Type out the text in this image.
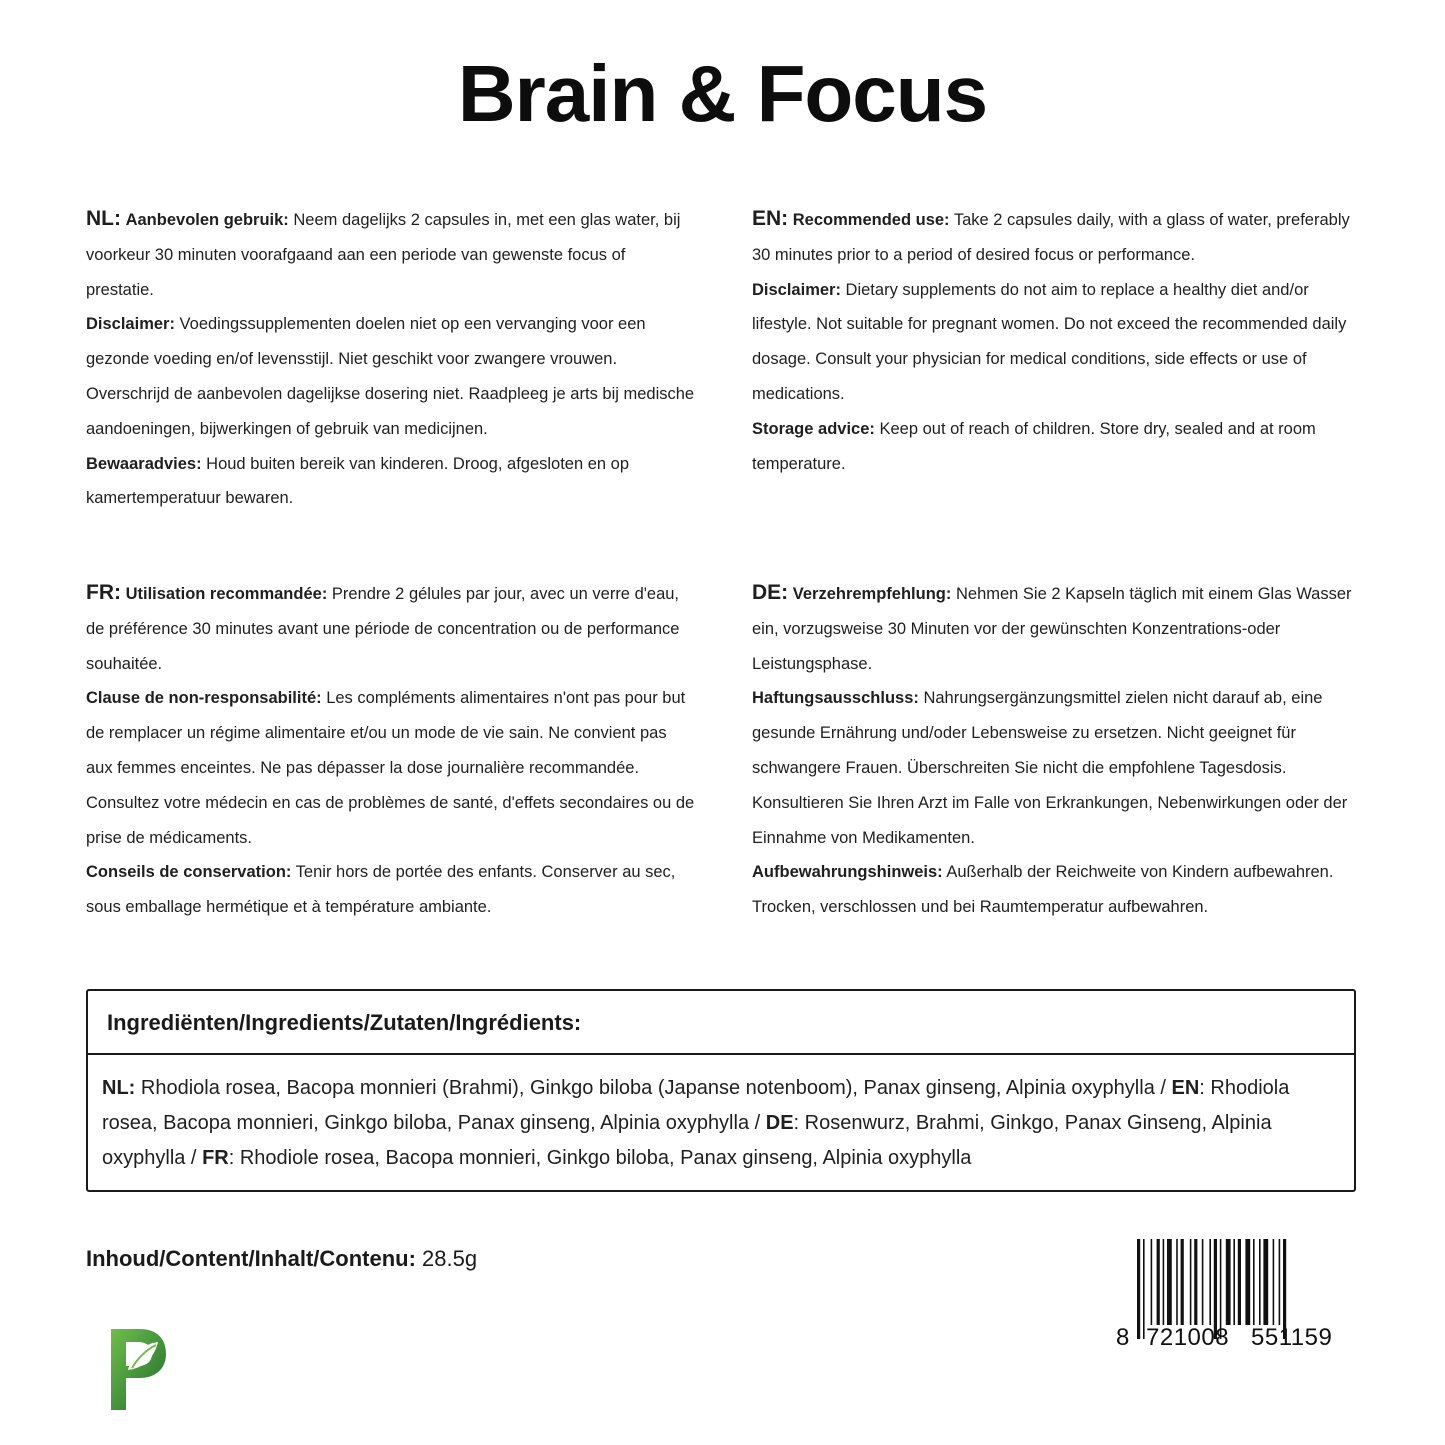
Brain & Focus

NL: Aanbevolen gebruik: Neem dagelijks 2 capsules in, met een glas water, bij voorkeur 30 minuten voorafgaand aan een periode van gewenste focus of prestatie.

Disclaimer: Voedingssupplementen doelen niet op een vervanging voor een gezonde voeding en/of levensstijl. Niet geschikt voor zwangere vrouwen. Overschrijd de aanbevolen dagelijkse dosering niet. Raadpleeg je arts bij medische aandoeningen, bijwerkingen of gebruik van medicijnen.

Bewaaradvies: Houd buiten bereik van kinderen. Droog, afgesloten en op kamertemperatuur bewaren.

EN: Recommended use: Take 2 capsules daily, with a glass of water, preferably 30 minutes prior to a period of desired focus or performance.

Disclaimer: Dietary supplements do not aim to replace a healthy diet and/or lifestyle. Not suitable for pregnant women. Do not exceed the recommended daily dosage. Consult your physician for medical conditions, side effects or use of medications.

Storage advice: Keep out of reach of children. Store dry, sealed and at room temperature.

FR: Utilisation recommandée: Prendre 2 gélules par jour, avec un verre d'eau, de préférence 30 minutes avant une période de concentration ou de performance souhaitée.

Clause de non-responsabilité: Les compléments alimentaires n'ont pas pour but de remplacer un régime alimentaire et/ou un mode de vie sain. Ne convient pas aux femmes enceintes. Ne pas dépasser la dose journalière recommandée. Consultez votre médecin en cas de problèmes de santé, d'effets secondaires ou de prise de médicaments.

Conseils de conservation: Tenir hors de portée des enfants. Conserver au sec, sous emballage hermétique et à température ambiante.

DE: Verzehrempfehlung: Nehmen Sie 2 Kapseln täglich mit einem Glas Wasser ein, vorzugsweise 30 Minuten vor der gewünschten Konzentrations-oder Leistungsphase.

Haftungsausschluss: Nahrungsergänzungsmittel zielen nicht darauf ab, eine gesunde Ernährung und/oder Lebensweise zu ersetzen. Nicht geeignet für schwangere Frauen. Überschreiten Sie nicht die empfohlene Tagesdosis. Konsultieren Sie Ihren Arzt im Falle von Erkrankungen, Nebenwirkungen oder der Einnahme von Medikamenten.

Aufbewahrungshinweis: Außerhalb der Reichweite von Kindern aufbewahren. Trocken, verschlossen und bei Raumtemperatur aufbewahren.

Ingrediënten/Ingredients/Zutaten/Ingrédients:
NL: Rhodiola rosea, Bacopa monnieri (Brahmi), Ginkgo biloba (Japanse notenboom), Panax ginseng, Alpinia oxyphylla / EN: Rhodiola rosea, Bacopa monnieri, Ginkgo biloba, Panax ginseng, Alpinia oxyphylla / DE: Rosenwurz, Brahmi, Ginkgo, Panax Ginseng, Alpinia oxyphylla / FR: Rhodiole rosea, Bacopa monnieri, Ginkgo biloba, Panax ginseng, Alpinia oxyphylla
Inhoud/Content/Inhalt/Contenu: 28.5g
8 721008 551159
